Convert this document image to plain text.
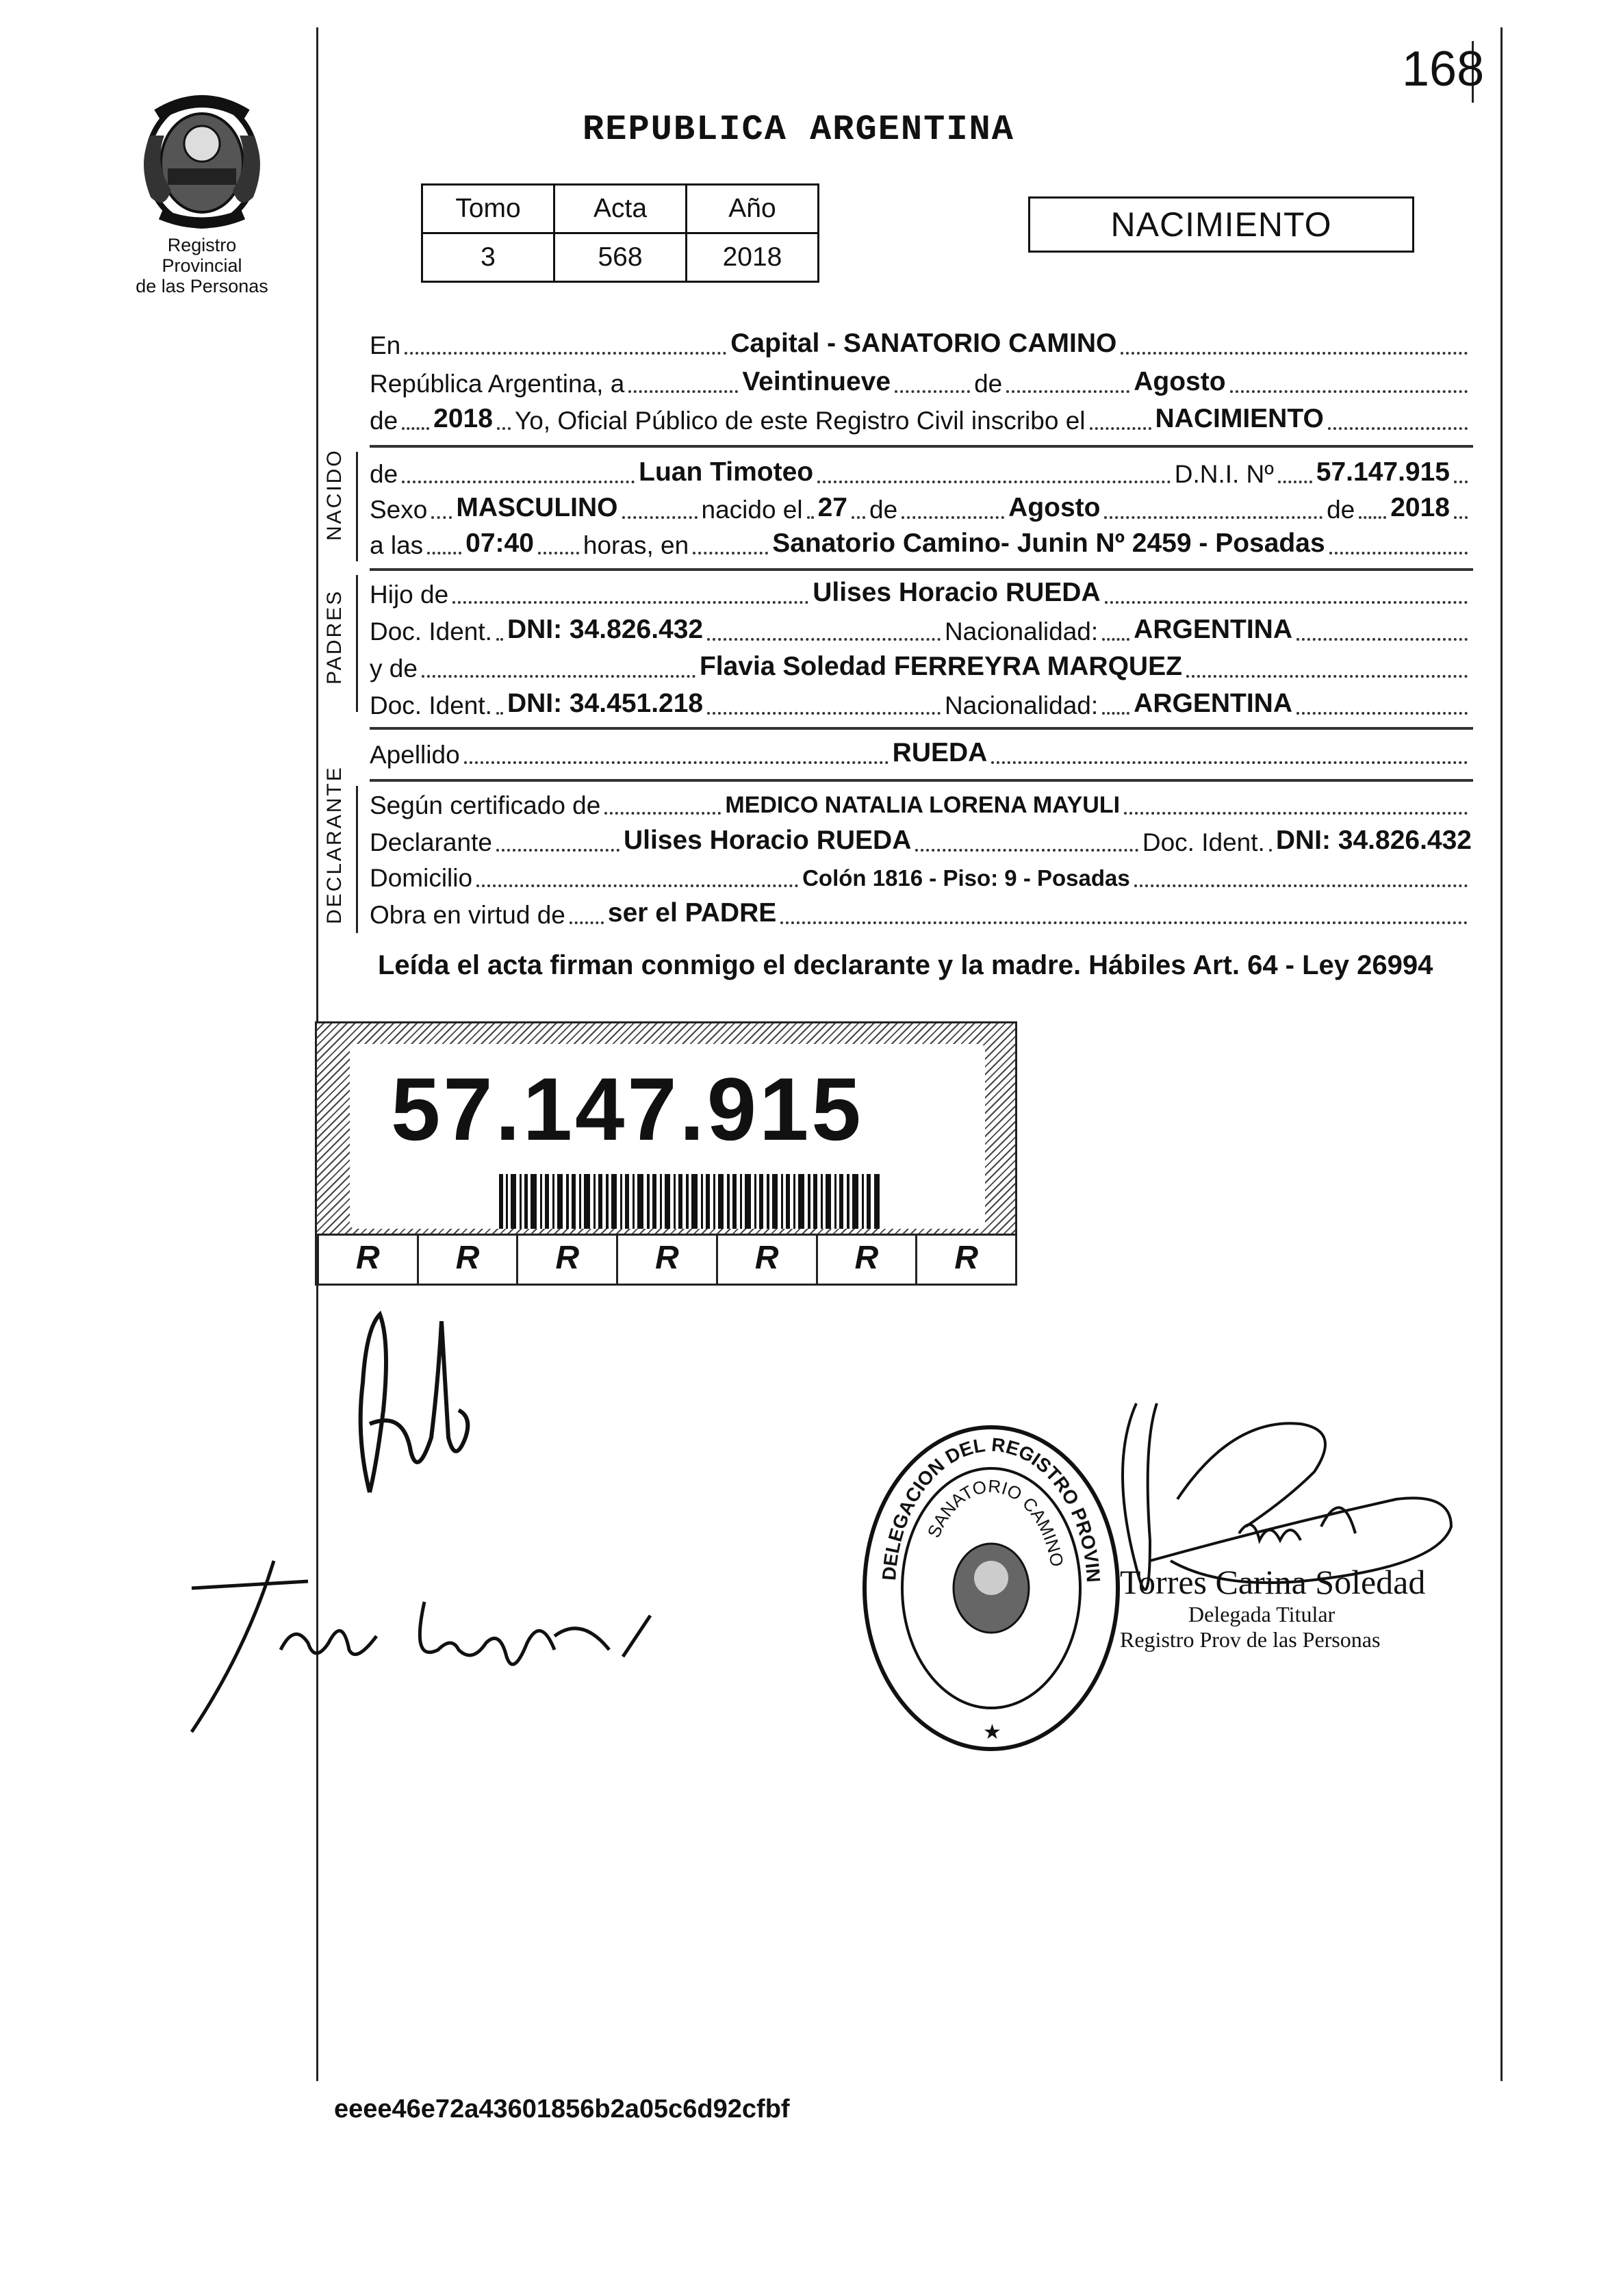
168
Registro Provincial
de las Personas
REPUBLICA ARGENTINA
Tomo	Acta	Año
3	568	2018
NACIMIENTO
En	Capital - SANATORIO CAMINO
República Argentina, a	Veintinueve	de	Agosto
de 2018 Yo, Oficial Público de este Registro Civil inscribo el	NACIMIENTO
NACIDO de	Luan Timoteo	D.N.I. Nº 57.147.915
Sexo MASCULINO	nacido el 27 de	Agosto	de 2018
a las 07:40 horas, en	Sanatorio Camino- Junin Nº 2459 - Posadas
PADRES Hijo de	Ulises Horacio RUEDA
Doc. Ident. DNI: 34.826.432	Nacionalidad: ARGENTINA
y de	Flavia Soledad FERREYRA MARQUEZ
Doc. Ident. DNI: 34.451.218	Nacionalidad: ARGENTINA
Apellido	RUEDA
DECLARANTE Según certificado de	MEDICO NATALIA LORENA MAYULI
Declarante	Ulises Horacio RUEDA	Doc. Ident. DNI: 34.826.432
Domicilio	Colón 1816 - Piso: 9 - Posadas
Obra en virtud de ser el PADRE
Leída el acta firman conmigo el declarante y la madre. Hábiles Art. 64 - Ley 26994
57.147.915
R	R	R	R	R	R	R
DELEGACION DEL REGISTRO PROVIN
SANATORIO CAMINO
★
Torres Carina Soledad
Delegada Titular
Registro Prov de las Personas
eeee46e72a43601856b2a05c6d92cfbf
